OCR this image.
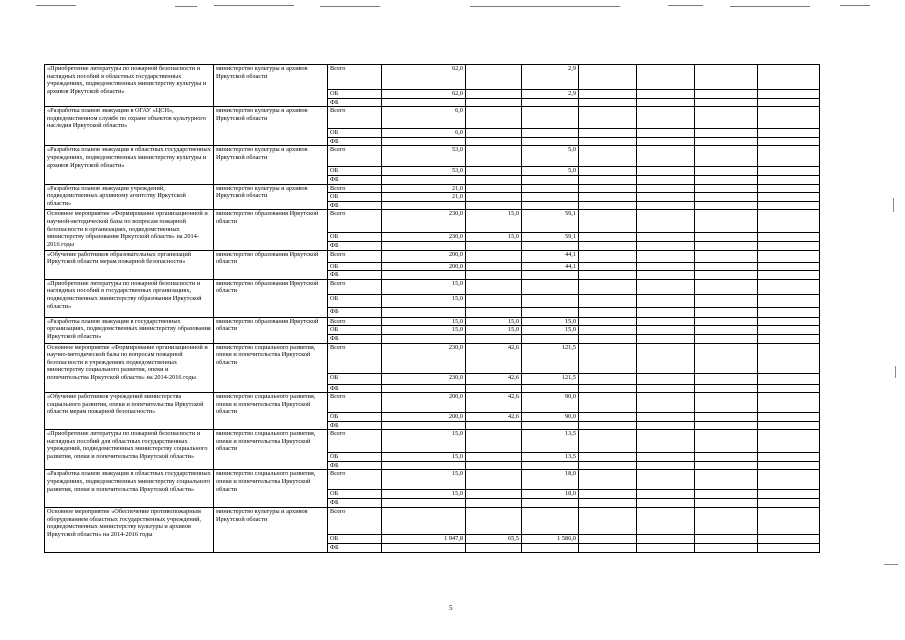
«Приобретение литературы по пожарной безопасности и наглядных пособий в областных государственных учреждениях, подведомственных министерству культуры и архивов Иркутской области»	министерство культуры и архивов Иркутской области	Всего	62,0		2,9				
		ОБ	62,0		2,9				
		ФБ							
«Разработка планов эвакуации в ОГАУ «ЦСН», подведомственном службе по охране объектов культурного наследия Иркутской области»	министерство культуры и архивов Иркутской области	Всего	6,0						
		ОБ	6,0						
		ФБ							
«Разработка планов эвакуации в областных государственных учреждениях, подведомственных министерству культуры и архивов Иркутской области»	министерство культуры и архивов Иркутской области	Всего	53,0		5,0				
		ОБ	53,0		5,0				
		ФБ							
«Разработка планов эвакуации учреждений, подведомственных архивному агентству Иркутской области»	министерство культуры и архивов Иркутской области	Всего	21,0						
		ОБ	21,0						
		ФБ							
Основное мероприятие «Формирование организационной и научной-методической базы по вопросам пожарной безопасности в организациях, подведомственных министерству образования Иркутской области» на 2014-2016 годы	министерство образования Иркутской области	Всего	230,0	15,0	59,1				
		ОБ	230,0	15,0	59,1				
		ФБ							
«Обучение работников образовательных организаций Иркутской области мерам пожарной безопасности»	министерство образования Иркутской области	Всего	200,0		44,1				
		ОБ	200,0		44,1				
		ФБ							
«Приобретение литературы по пожарной безопасности и наглядных пособий в государственных организациях, подведомственных министерству образования Иркутской области»	министерство образования Иркутской области	Всего	15,0						
		ОБ	15,0						
		ФБ							
«Разработка планов эвакуации в государственных организациях, подведомственных министерству образования Иркутской области»	министерство образования Иркутской области	Всего	15,0	15,0	15,0				
		ОБ	15,0	15,0	15,0				
		ФБ							
Основное мероприятие «Формирование организационной и научно-методической базы по вопросам пожарной безопасности в учреждениях подведомственных министерству социального развития, опеки и попечительства Иркутской области» на 2014-2016 годы	министерство социального развития, опеки и попечительства Иркутской области	Всего	230,0	42,6	121,5				
		ОБ	230,0	42,6	121,5				
		ФБ							
«Обучение работников учреждений министерства социального развития, опеки и попечительства Иркутской области мерам пожарной безопасности»	министерство социального развития, опеки и попечительства Иркутской области	Всего	200,0	42,6	90,0				
		ОБ	200,0	42,6	90,0				
		ФБ							
«Приобретение литературы по пожарной безопасности и наглядных пособий для областных государственных учреждений, подведомственных министерству социального развития, опеки и попечительства Иркутской области»	министерство социального развития, опеки и попечительства Иркутской области	Всего	15,0		13,5				
		ОБ	15,0		13,5				
		ФБ							
«Разработка планов эвакуации в областных государственных учреждениях, подведомственных министерству социального развития, опеки и попечительства Иркутской области»	министерство социального развития, опеки и попечительства Иркутской области	Всего	15,0		18,0				
		ОБ	15,0		18,0				
		ФБ							
Основное мероприятие «Обеспечение противопожарным оборудованием областных государственных учреждений, подведомственных министерству культуры и архивов Иркутской области» на 2014-2016 годы	министерство культуры и архивов Иркутской области	Всего							
		ОБ	1 947,8	65,5	1 586,0				
		ФБ							
5
